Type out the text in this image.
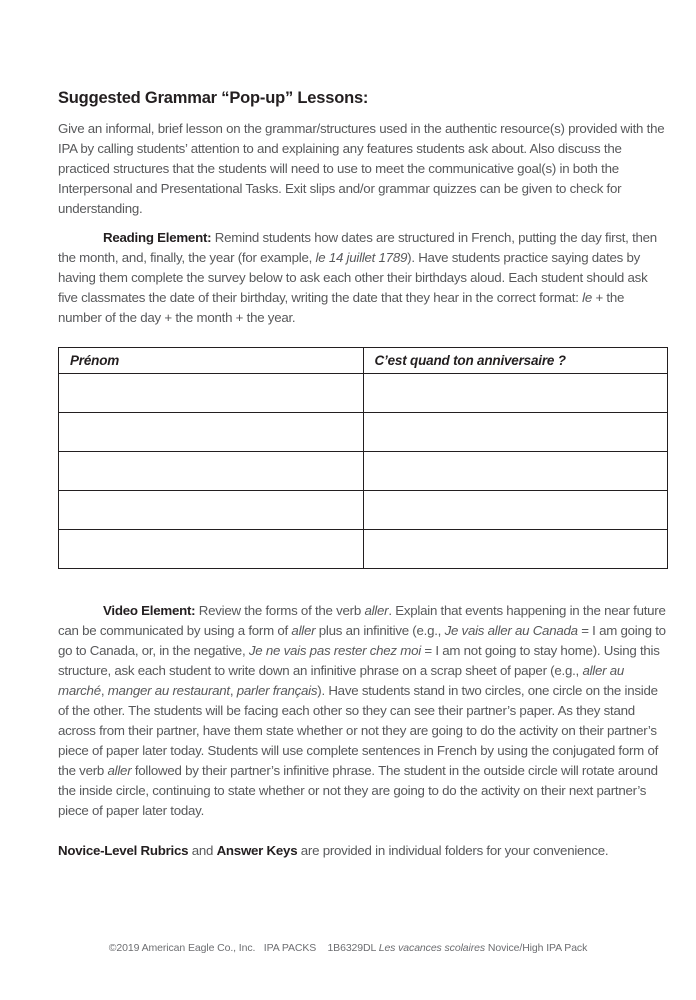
Suggested Grammar “Pop-up” Lessons:

Give an informal, brief lesson on the grammar/structures used in the authentic resource(s) provided with the IPA by calling students’ attention to and explaining any features students ask about. Also discuss the practiced structures that the students will need to use to meet the communicative goal(s) in both the Interpersonal and Presentational Tasks. Exit slips and/or grammar quizzes can be given to check for understanding.

Reading Element: Remind students how dates are structured in French, putting the day first, then the month, and, finally, the year (for example, le 14 juillet 1789). Have students practice saying dates by having them complete the survey below to ask each other their birthdays aloud. Each student should ask five classmates the date of their birthday, writing the date that they hear in the correct format: le + the number of the day + the month + the year.

Prénom	C’est quand ton anniversaire ?

Video Element: Review the forms of the verb aller. Explain that events happening in the near future can be communicated by using a form of aller plus an infinitive (e.g., Je vais aller au Canada = I am going to go to Canada, or, in the negative, Je ne vais pas rester chez moi = I am not going to stay home). Using this structure, ask each student to write down an infinitive phrase on a scrap sheet of paper (e.g., aller au marché, manger au restaurant, parler français). Have students stand in two circles, one circle on the inside of the other. The students will be facing each other so they can see their partner’s paper. As they stand across from their partner, have them state whether or not they are going to do the activity on their partner’s piece of paper later today. Students will use complete sentences in French by using the conjugated form of the verb aller followed by their partner’s infinitive phrase. The student in the outside circle will rotate around the inside circle, continuing to state whether or not they are going to do the activity on their next partner’s piece of paper later today.

Novice-Level Rubrics and Answer Keys are provided in individual folders for your convenience.

©2019 American Eagle Co., Inc.   IPA PACKS    1B6329DL Les vacances scolaires Novice/High IPA Pack
